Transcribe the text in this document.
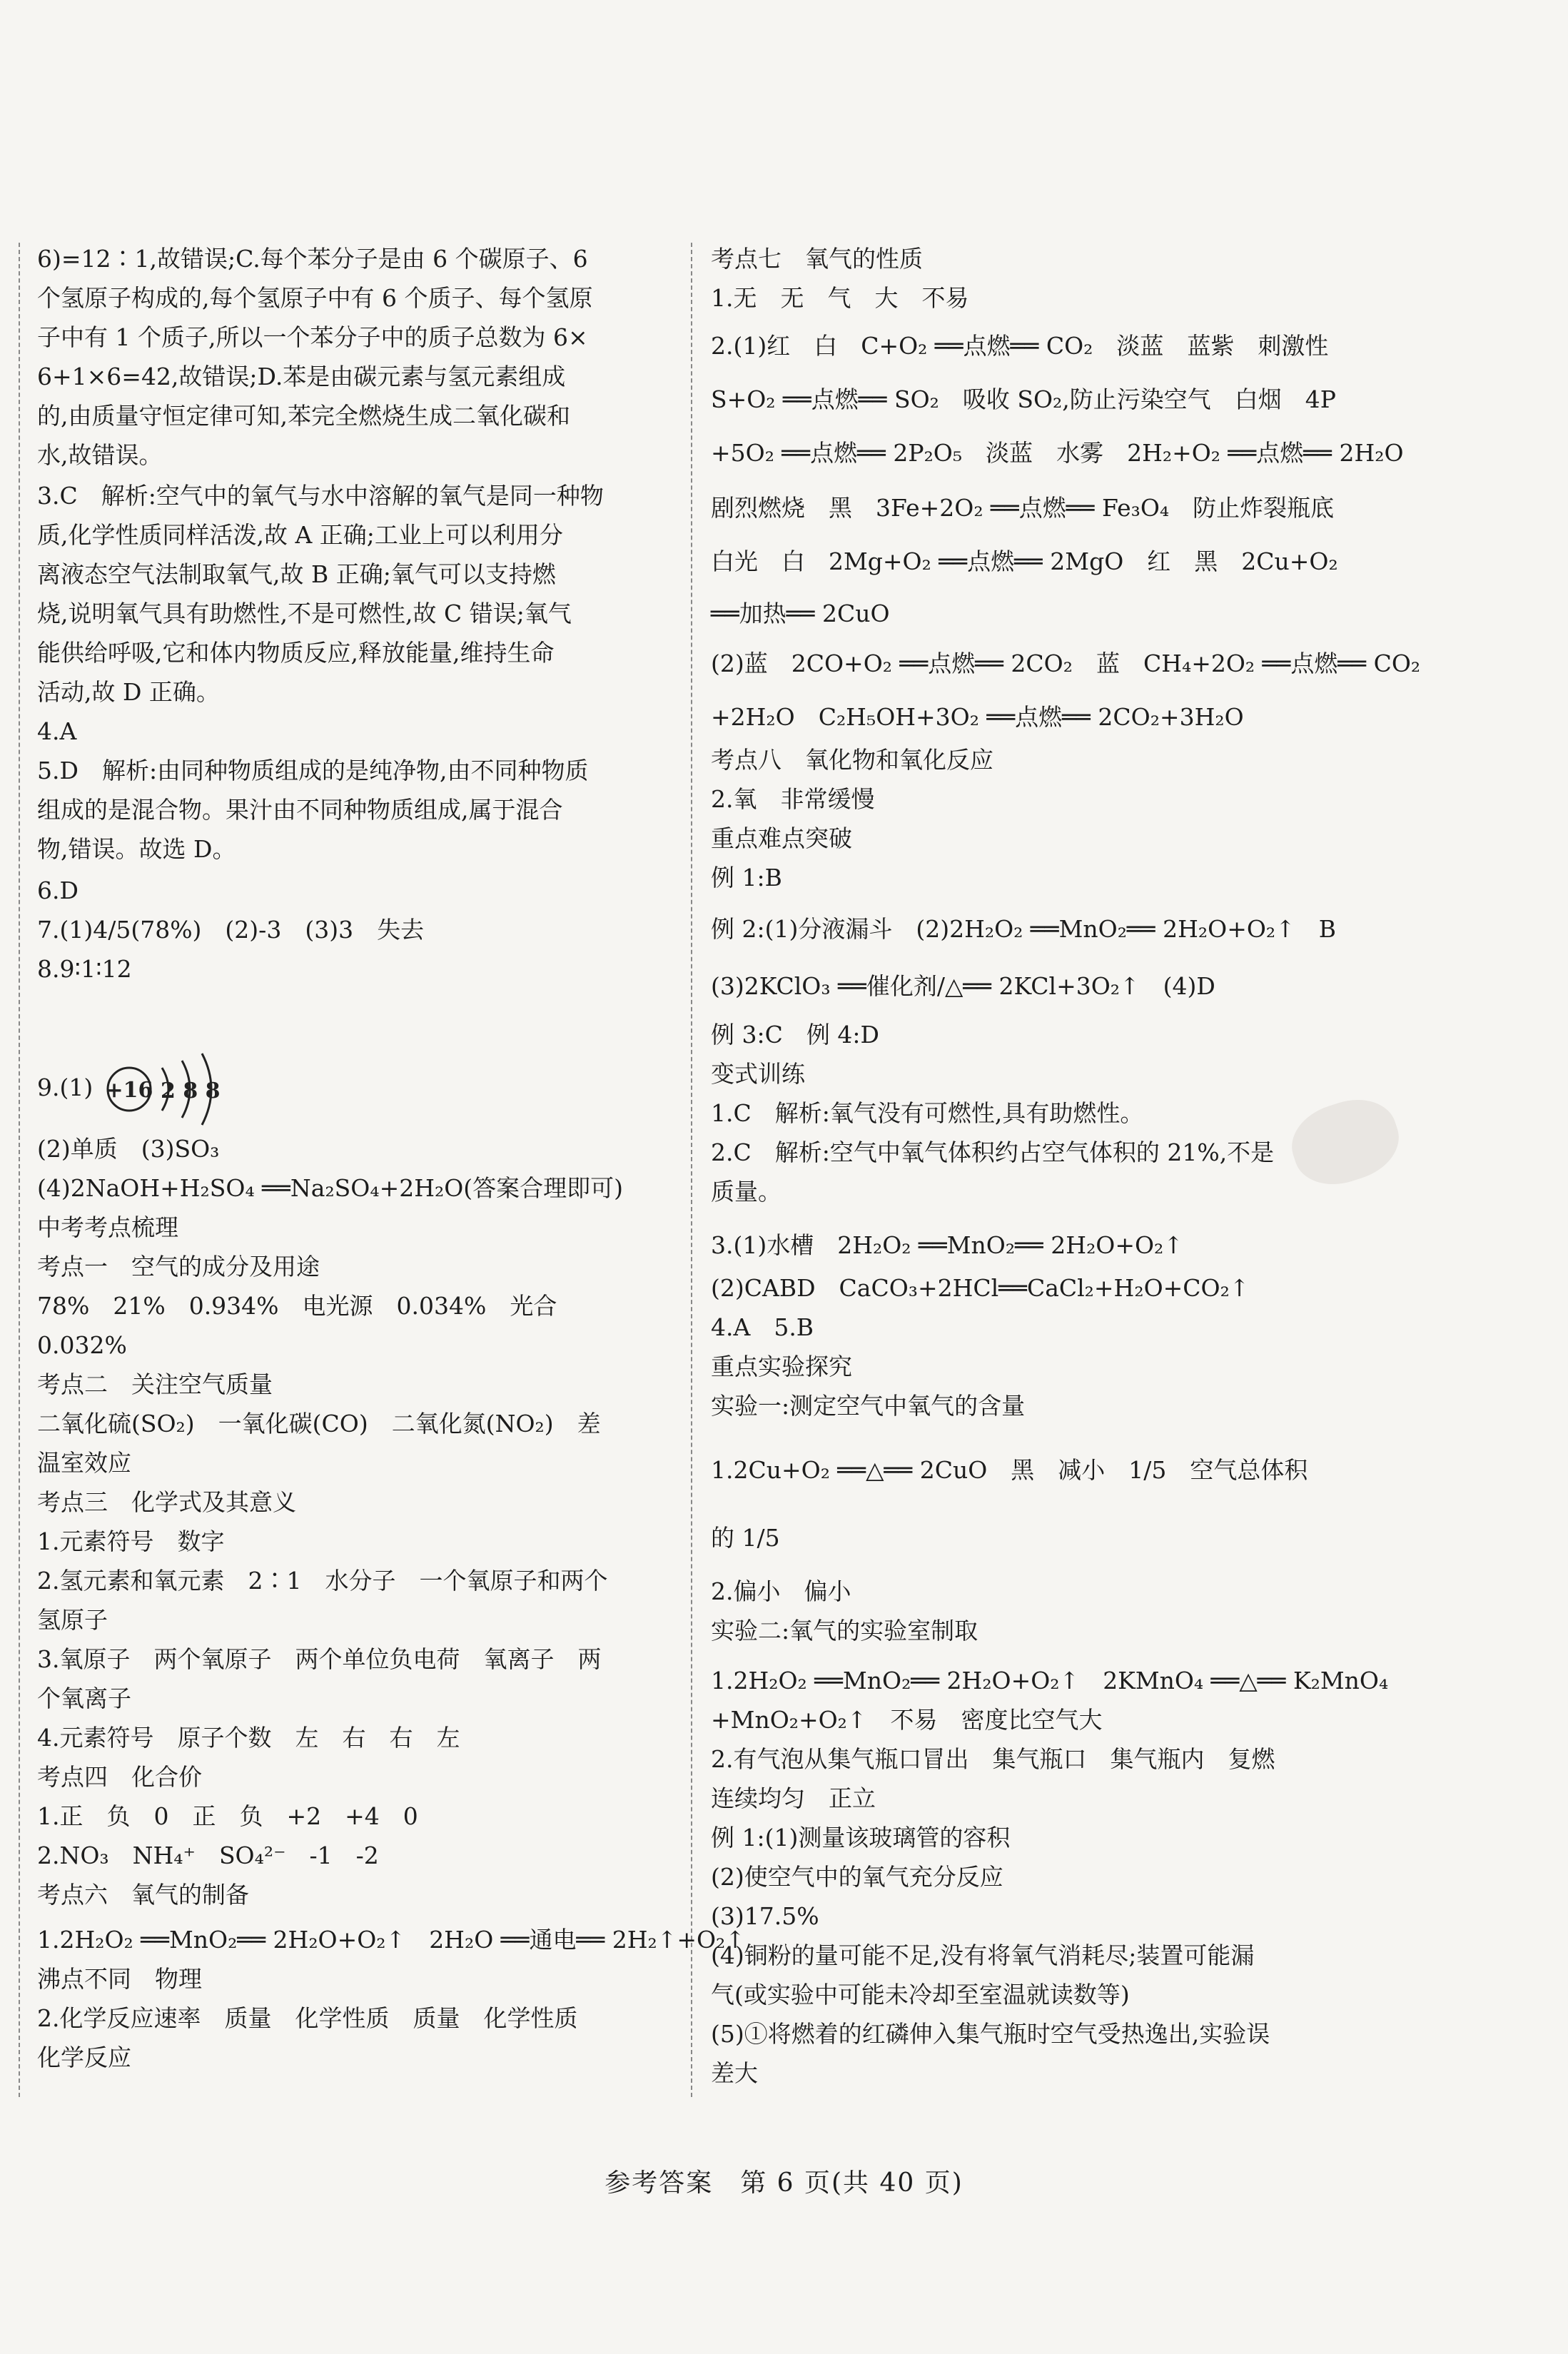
6)=12∶1,故错误;C.每个苯分子是由 6 个碳原子、6
个氢原子构成的,每个氢原子中有 6 个质子、每个氢原
子中有 1 个质子,所以一个苯分子中的质子总数为 6×
6+1×6=42,故错误;D.苯是由碳元素与氢元素组成
的,由质量守恒定律可知,苯完全燃烧生成二氧化碳和
水,故错误。
3.C　解析:空气中的氧气与水中溶解的氧气是同一种物
质,化学性质同样活泼,故 A 正确;工业上可以利用分
离液态空气法制取氧气,故 B 正确;氧气可以支持燃
烧,说明氧气具有助燃性,不是可燃性,故 C 错误;氧气
能供给呼吸,它和体内物质反应,释放能量,维持生命
活动,故 D 正确。
4.A
5.D　解析:由同种物质组成的是纯净物,由不同种物质
组成的是混合物。果汁由不同种物质组成,属于混合
物,错误。故选 D。
6.D
7.(1)4/5(78%)　(2)-3　(3)3　失去
8.9∶1∶12
9.(1) +16 2 8 8
(2)单质　(3)SO₃
(4)2NaOH+H₂SO₄ ══Na₂SO₄+2H₂O(答案合理即可)
中考考点梳理
考点一　空气的成分及用途
78%　21%　0.934%　电光源　0.034%　光合
0.032%
考点二　关注空气质量
二氧化硫(SO₂)　一氧化碳(CO)　二氧化氮(NO₂)　差
温室效应
考点三　化学式及其意义
1.元素符号　数字
2.氢元素和氧元素　2∶1　水分子　一个氧原子和两个
氢原子
3.氧原子　两个氧原子　两个单位负电荷　氧离子　两
个氧离子
4.元素符号　原子个数　左　右　右　左
考点四　化合价
1.正　负　0　正　负　+2　+4　0
2.NO₃　NH₄⁺　SO₄²⁻　-1　-2
考点六　氧气的制备
1.2H₂O₂ ══MnO₂══ 2H₂O+O₂↑　2H₂O ══通电══ 2H₂↑+O₂↑
沸点不同　物理
2.化学反应速率　质量　化学性质　质量　化学性质
化学反应
考点七　氧气的性质
1.无　无　气　大　不易
2.(1)红　白　C+O₂ ══点燃══ CO₂　淡蓝　蓝紫　刺激性
S+O₂ ══点燃══ SO₂　吸收 SO₂,防止污染空气　白烟　4P
+5O₂ ══点燃══ 2P₂O₅　淡蓝　水雾　2H₂+O₂ ══点燃══ 2H₂O
剧烈燃烧　黑　3Fe+2O₂ ══点燃══ Fe₃O₄　防止炸裂瓶底
白光　白　2Mg+O₂ ══点燃══ 2MgO　红　黑　2Cu+O₂
══加热══ 2CuO
(2)蓝　2CO+O₂ ══点燃══ 2CO₂　蓝　CH₄+2O₂ ══点燃══ CO₂
+2H₂O　C₂H₅OH+3O₂ ══点燃══ 2CO₂+3H₂O
考点八　氧化物和氧化反应
2.氧　非常缓慢
重点难点突破
例 1:B
例 2:(1)分液漏斗　(2)2H₂O₂ ══MnO₂══ 2H₂O+O₂↑　B
(3)2KClO₃ ══催化剂/△══ 2KCl+3O₂↑　(4)D
例 3:C　例 4:D
变式训练
1.C　解析:氧气没有可燃性,具有助燃性。
2.C　解析:空气中氧气体积约占空气体积的 21%,不是
质量。
3.(1)水槽　2H₂O₂ ══MnO₂══ 2H₂O+O₂↑
(2)CABD　CaCO₃+2HCl══CaCl₂+H₂O+CO₂↑
4.A　5.B
重点实验探究
实验一:测定空气中氧气的含量
1.2Cu+O₂ ══△══ 2CuO　黑　减小　1/5　空气总体积
的 1/5
2.偏小　偏小
实验二:氧气的实验室制取
1.2H₂O₂ ══MnO₂══ 2H₂O+O₂↑　2KMnO₄ ══△══ K₂MnO₄
+MnO₂+O₂↑　不易　密度比空气大
2.有气泡从集气瓶口冒出　集气瓶口　集气瓶内　复燃
连续均匀　正立
例 1:(1)测量该玻璃管的容积
(2)使空气中的氧气充分反应
(3)17.5%
(4)铜粉的量可能不足,没有将氧气消耗尽;装置可能漏
气(或实验中可能未冷却至室温就读数等)
(5)①将燃着的红磷伸入集气瓶时空气受热逸出,实验误
差大
参考答案　第 6 页(共 40 页)
